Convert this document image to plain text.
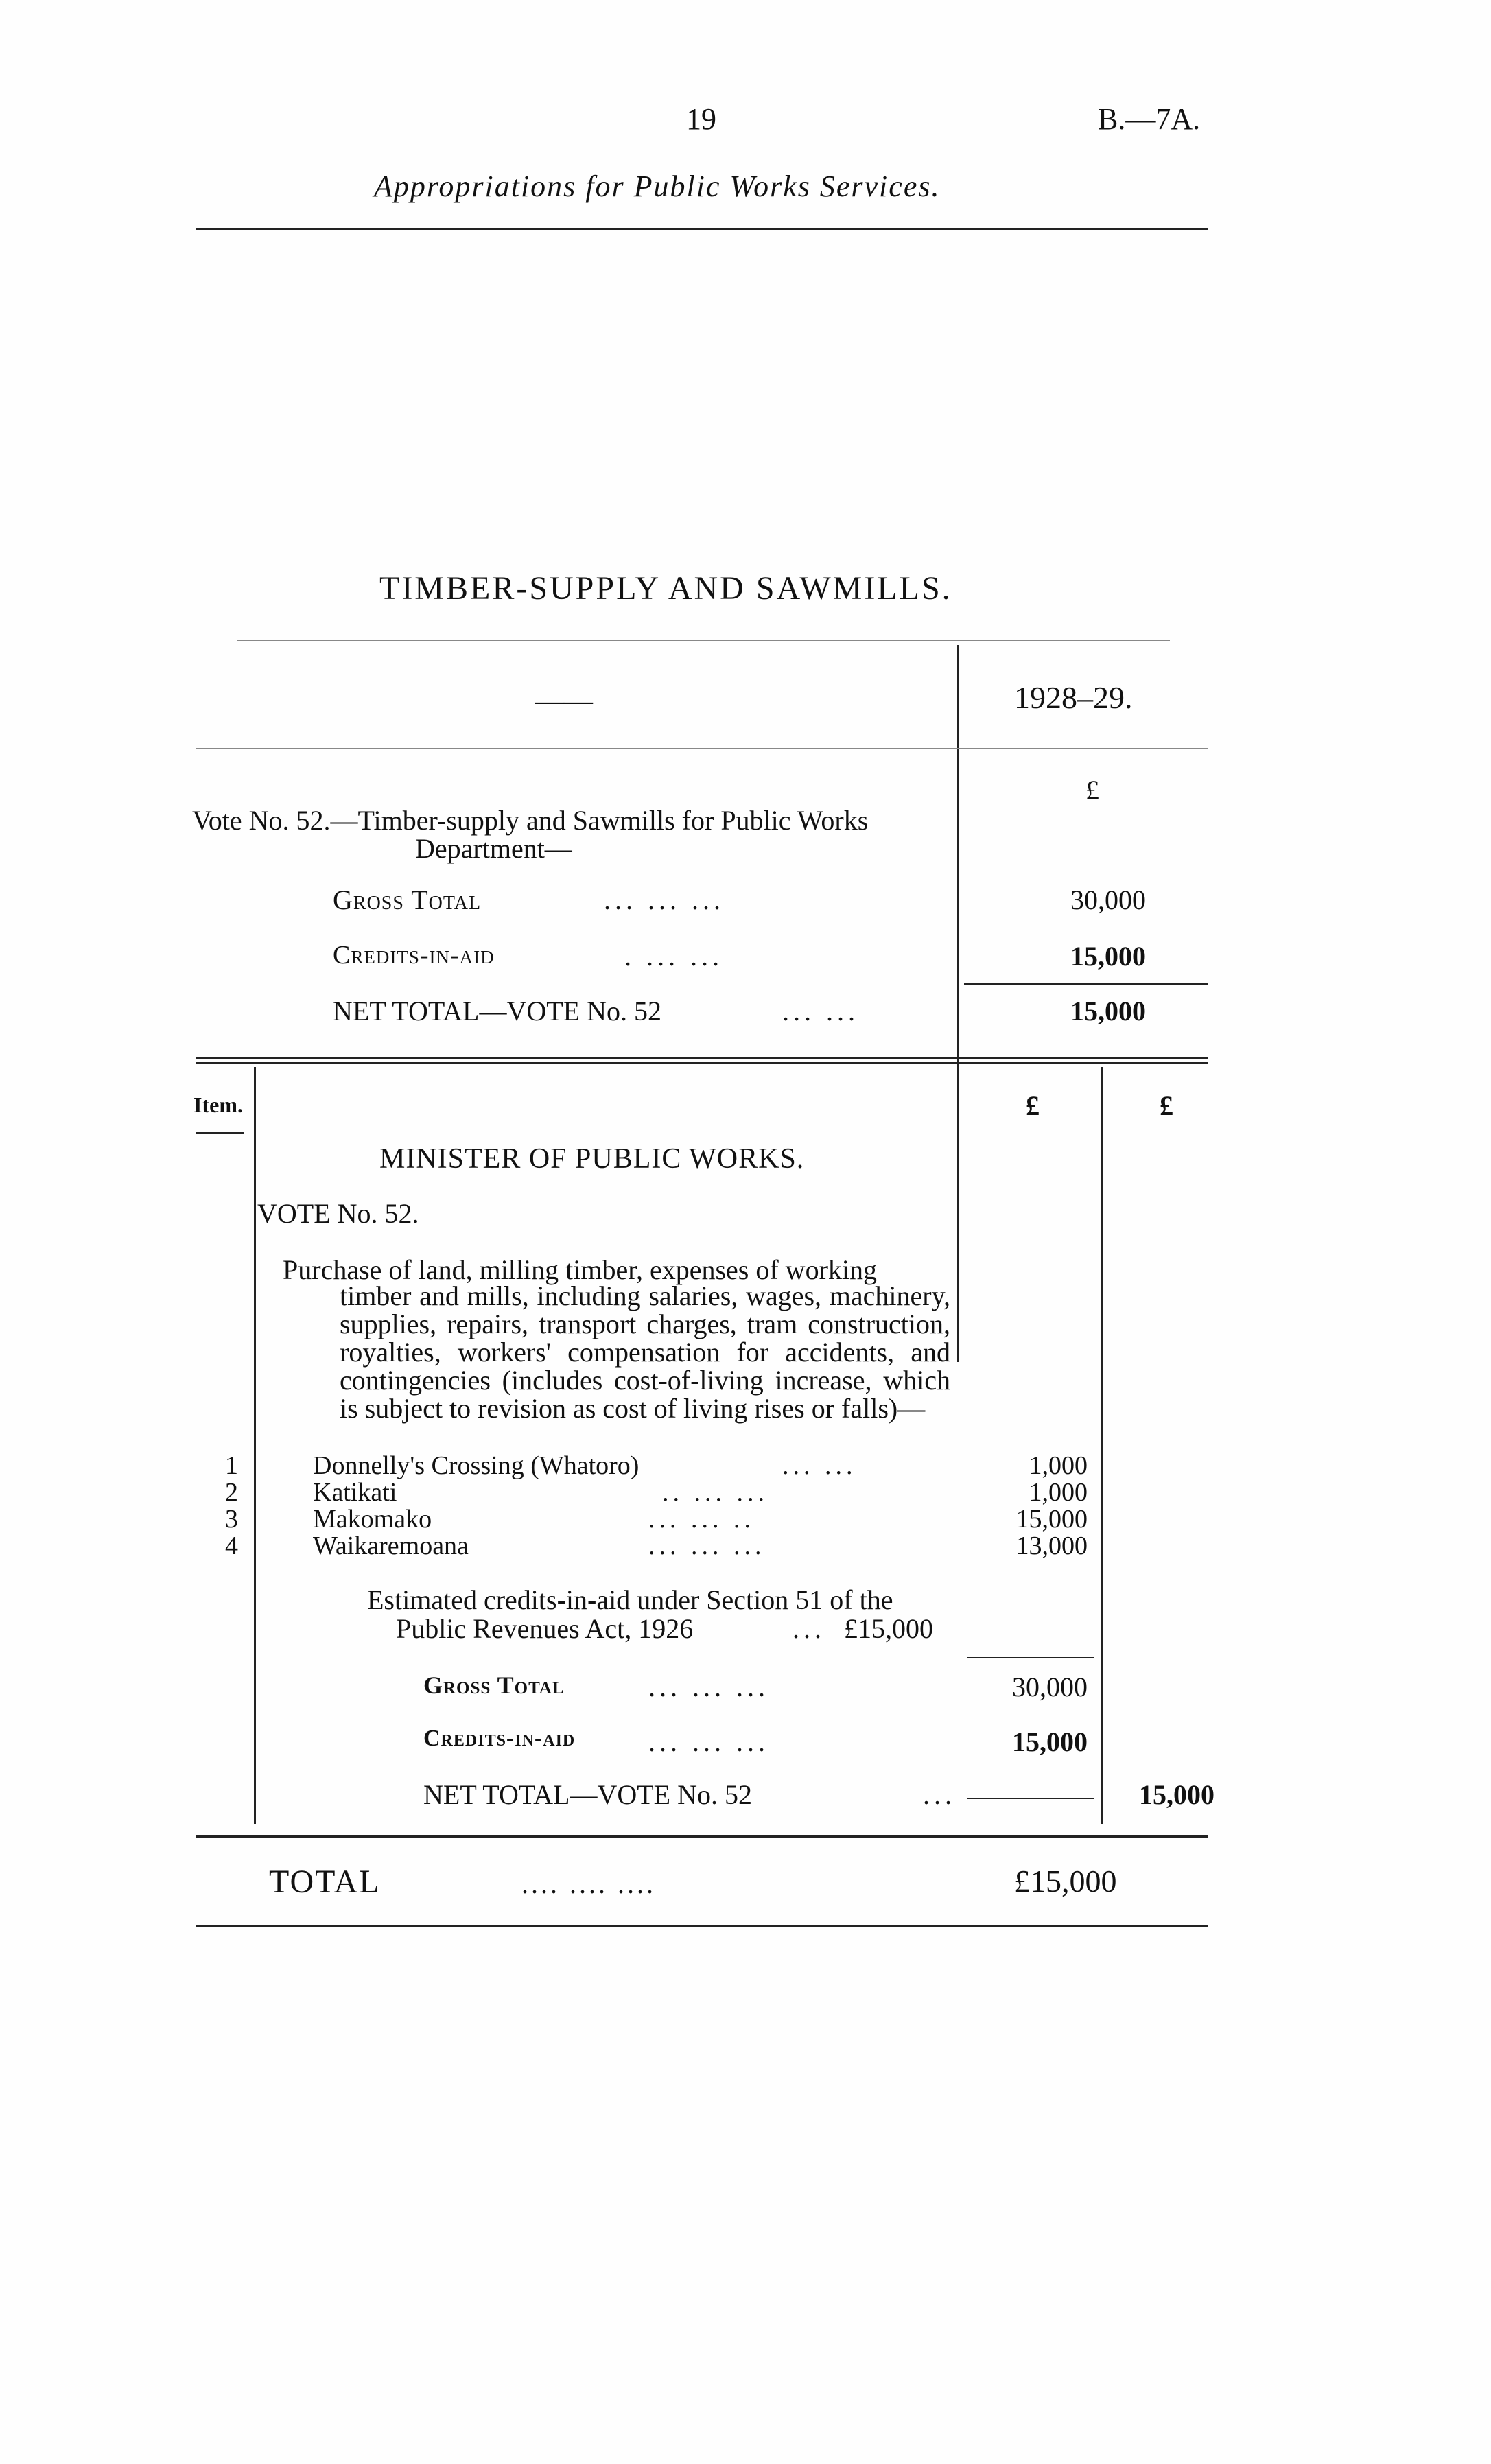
19	B.—7A.
Appropriations for Public Works Services.
TIMBER-SUPPLY AND SAWMILLS.
——	1928–29.
£
Vote No. 52.—Timber-supply and Sawmills for Public Works
Department—
Gross Total	... ... ...	30,000
Credits-in-aid	. ... ...	15,000
NET TOTAL—VOTE No. 52	... ...	15,000
Item.	£	£
MINISTER OF PUBLIC WORKS.
VOTE No. 52.
Purchase of land, milling timber, expenses of working
timber and mills, including salaries, wages, machinery, supplies, repairs, transport charges, tram construction, royalties, workers' compensation for accidents, and contingencies (includes cost-of-living increase, which is subject to revision as cost of living rises or falls)—
1	Donnelly's Crossing (Whatoro)	... ...	1,000
2	Katikati	.. ... ...	1,000
3	Makomako	... ... ..	15,000
4	Waikaremoana	... ... ...	13,000
Estimated credits-in-aid under Section 51 of the
Public Revenues Act, 1926	... £15,000
Gross Total	... ... ...	30,000
Credits-in-aid	... ... ...	15,000
NET TOTAL—VOTE No. 52	...	15,000
TOTAL	.... .... ....	£15,000
